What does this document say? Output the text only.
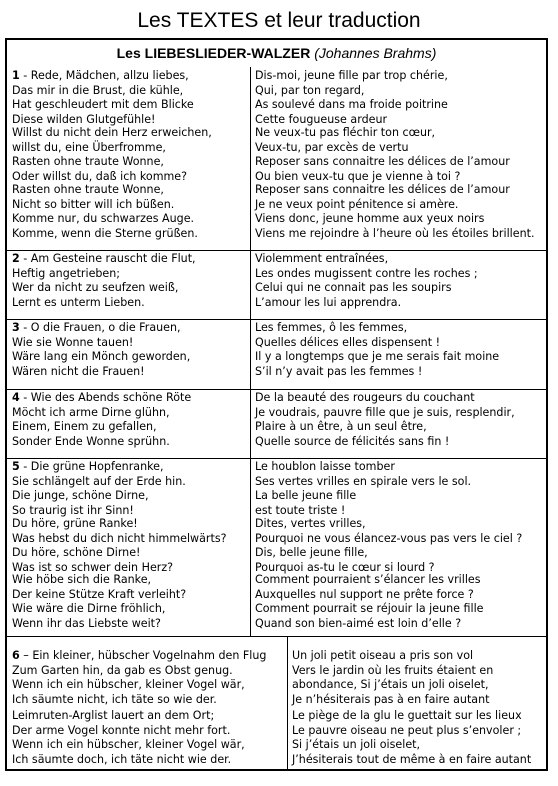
Les TEXTES et leur traduction
Les LIEBESLIEDER-WALZER (Johannes Brahms)
1 - Rede, Mädchen, allzu liebes,
Das mir in die Brust, die kühle,
Hat geschleudert mit dem Blicke
Diese wilden Glutgefühle!
Dis-moi, jeune fille par trop chérie,
Qui, par ton regard,
As soulevé dans ma froide poitrine
Cette fougueuse ardeur
Willst du nicht dein Herz erweichen,
willst du, eine Überfromme,
Rasten ohne traute Wonne,
Oder willst du, daß ich komme?
Ne veux-tu pas fléchir ton cœur,
Veux-tu, par excès de vertu
Reposer sans connaitre les délices de l’amour
Ou bien veux-tu que je vienne à toi ?
Rasten ohne traute Wonne,
Nicht so bitter will ich büßen.
Komme nur, du schwarzes Auge.
Komme, wenn die Sterne grüßen.
Reposer sans connaitre les délices de l’amour
Je ne veux point pénitence si amère.
Viens donc, jeune homme aux yeux noirs
Viens me rejoindre à l’heure où les étoiles brillent.
2 - Am Gesteine rauscht die Flut,
Heftig angetrieben;
Wer da nicht zu seufzen weiß,
Lernt es unterm Lieben.
Violemment entraînées,
Les ondes mugissent contre les roches ;
Celui qui ne connait pas les soupirs
L’amour les lui apprendra.
3 - O die Frauen, o die Frauen,
Wie sie Wonne tauen!
Wäre lang ein Mönch geworden,
Wären nicht die Frauen!
Les femmes, ô les femmes,
Quelles délices elles dispensent !
Il y a longtemps que je me serais fait moine
S’il n’y avait pas les femmes !
4 - Wie des Abends schöne Röte
Möcht ich arme Dirne glühn,
Einem, Einem zu gefallen,
Sonder Ende Wonne sprühn.
De la beauté des rougeurs du couchant
Je voudrais, pauvre fille que je suis, resplendir,
Plaire à un être, à un seul être,
Quelle source de félicités sans fin !
5 - Die grüne Hopfenranke,
Sie schlängelt auf der Erde hin.
Die junge, schöne Dirne,
So traurig ist ihr Sinn!
Le houblon laisse tomber
Ses vertes vrilles en spirale vers le sol.
La belle jeune fille
est toute triste !
Du höre, grüne Ranke!
Was hebst du dich nicht himmelwärts?
Du höre, schöne Dirne!
Was ist so schwer dein Herz?
Dites, vertes vrilles,
Pourquoi ne vous élancez-vous pas vers le ciel ?
Dis, belle jeune fille,
Pourquoi as-tu le cœur si lourd ?
Wie höbe sich die Ranke,
Der keine Stütze Kraft verleiht?
Wie wäre die Dirne fröhlich,
Wenn ihr das Liebste weit?
Comment pourraient s’élancer les vrilles
Auxquelles nul support ne prête force ?
Comment pourrait se réjouir la jeune fille
Quand son bien-aimé est loin d’elle ?
6 – Ein kleiner, hübscher Vogelnahm den Flug
Zum Garten hin, da gab es Obst genug.
Wenn ich ein hübscher, kleiner Vogel wär,
Ich säumte nicht, ich täte so wie der.
Un joli petit oiseau a pris son vol
Vers le jardin où les fruits étaient en
abondance, Si j’étais un joli oiselet,
Je n’hésiterais pas à en faire autant
Leimruten-Arglist lauert an dem Ort;
Der arme Vogel konnte nicht mehr fort.
Wenn ich ein hübscher, kleiner Vogel wär,
Ich säumte doch, ich täte nicht wie der.
Le piège de la glu le guettait sur les lieux
Le pauvre oiseau ne peut plus s’envoler ;
Si j’étais un joli oiselet,
J’hésiterais tout de même à en faire autant
